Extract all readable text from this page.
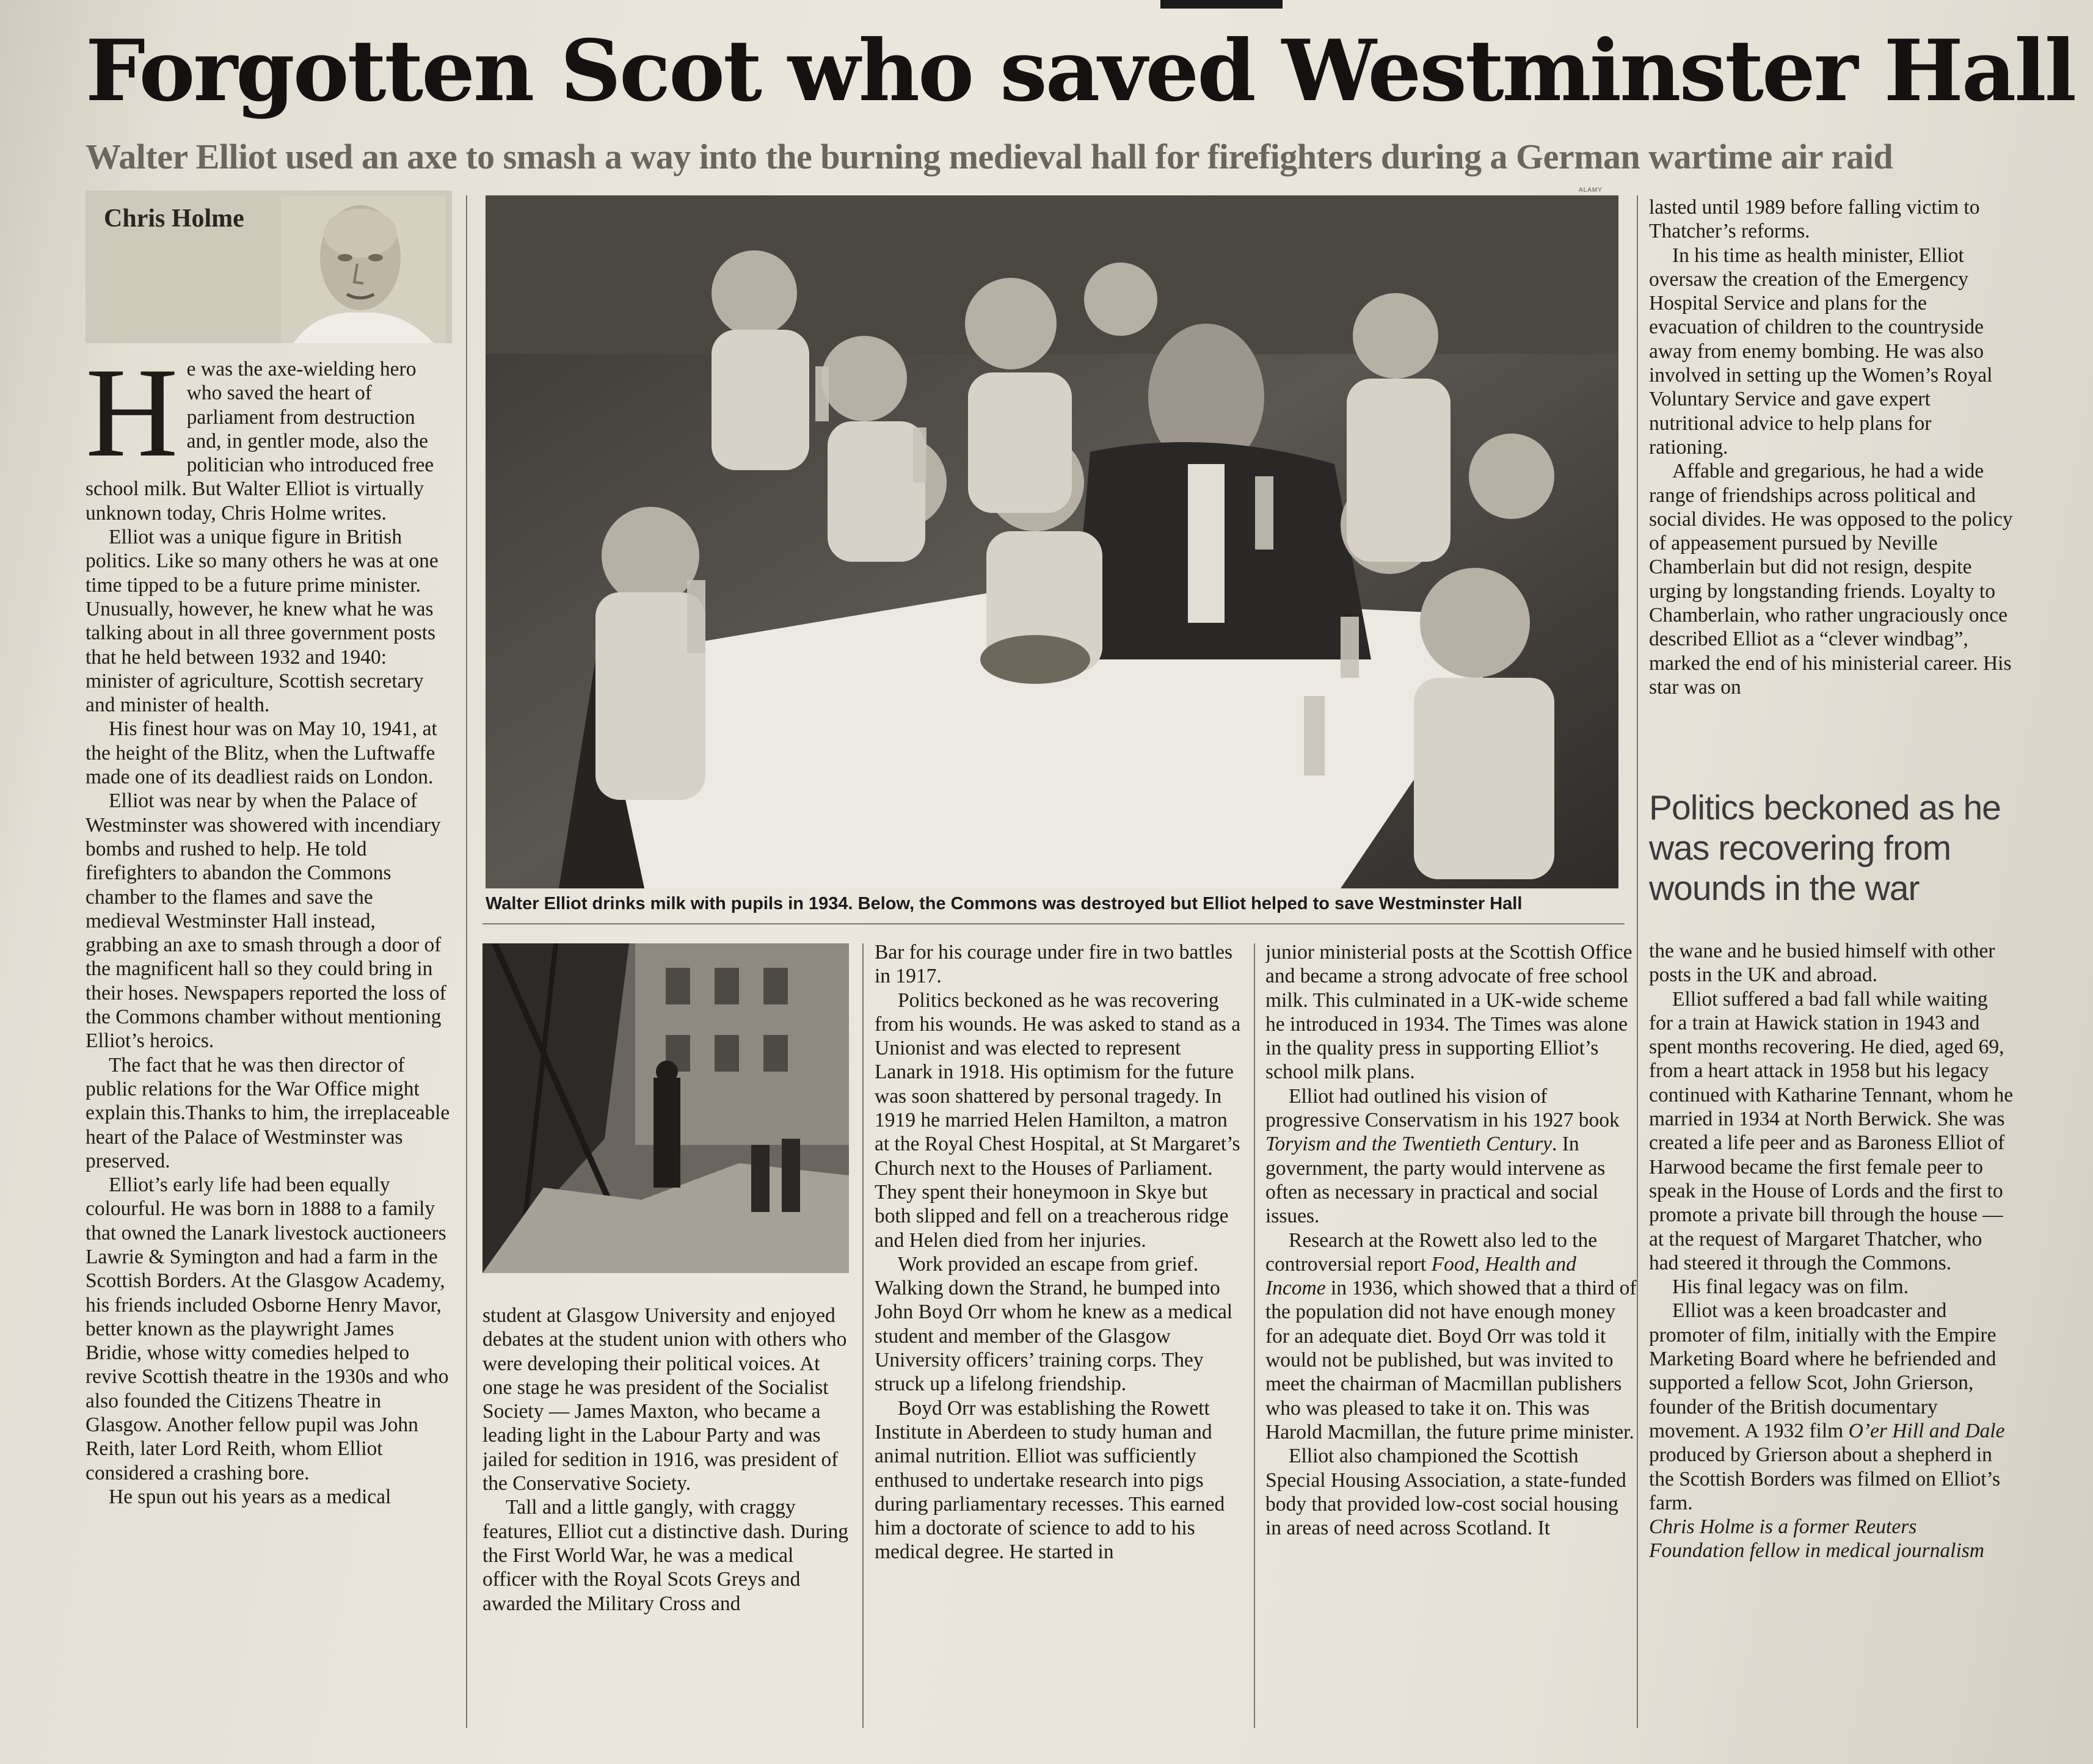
Forgotten Scot who saved Westminster Hall

Walter Elliot used an axe to smash a way into the burning medieval hall for firefighters during a German wartime air raid

Chris Holme
H e was the axe-wielding hero who saved the heart of parliament from destruction and, in gentler mode, also the politician who introduced free school milk. But Walter Elliot is virtually unknown today, Chris Holme writes.

Elliot was a unique figure in British politics. Like so many others he was at one time tipped to be a future prime minister. Unusually, however, he knew what he was talking about in all three government posts that he held between 1932 and 1940: minister of agriculture, Scottish secretary and minister of health.

His finest hour was on May 10, 1941, at the height of the Blitz, when the Luftwaffe made one of its deadliest raids on London.

Elliot was near by when the Palace of Westminster was showered with incendiary bombs and rushed to help. He told firefighters to abandon the Commons chamber to the flames and save the medieval Westminster Hall instead, grabbing an axe to smash through a door of the magnificent hall so they could bring in their hoses. Newspapers reported the loss of the Commons chamber without mentioning Elliot’s heroics.

The fact that he was then director of public relations for the War Office might explain this.Thanks to him, the irreplaceable heart of the Palace of Westminster was preserved.

Elliot’s early life had been equally colourful. He was born in 1888 to a family that owned the Lanark livestock auctioneers Lawrie & Symington and had a farm in the Scottish Borders. At the Glasgow Academy, his friends included Osborne Henry Mavor, better known as the playwright James Bridie, whose witty comedies helped to revive Scottish theatre in the 1930s and who also founded the Citizens Theatre in Glasgow. Another fellow pupil was John Reith, later Lord Reith, whom Elliot considered a crashing bore.

He spun out his years as a medical

ALAMY

Walter Elliot drinks milk with pupils in 1934. Below, the Commons was destroyed but Elliot helped to save Westminster Hall

student at Glasgow University and enjoyed debates at the student union with others who were developing their political voices. At one stage he was president of the Socialist Society — James Maxton, who became a leading light in the Labour Party and was jailed for sedition in 1916, was president of the Conservative Society.

Tall and a little gangly, with craggy features, Elliot cut a distinctive dash. During the First World War, he was a medical officer with the Royal Scots Greys and awarded the Military Cross and

Bar for his courage under fire in two battles in 1917.

Politics beckoned as he was recovering from his wounds. He was asked to stand as a Unionist and was elected to represent Lanark in 1918. His optimism for the future was soon shattered by personal tragedy. In 1919 he married Helen Hamilton, a matron at the Royal Chest Hospital, at St Margaret’s Church next to the Houses of Parliament. They spent their honeymoon in Skye but both slipped and fell on a treacherous ridge and Helen died from her injuries.

Work provided an escape from grief. Walking down the Strand, he bumped into John Boyd Orr whom he knew as a medical student and member of the Glasgow University officers’ training corps. They struck up a lifelong friendship.

Boyd Orr was establishing the Rowett Institute in Aberdeen to study human and animal nutrition. Elliot was sufficiently enthused to undertake research into pigs during parliamentary recesses. This earned him a doctorate of science to add to his medical degree. He started in

junior ministerial posts at the Scottish Office and became a strong advocate of free school milk. This culminated in a UK-wide scheme he introduced in 1934. The Times was alone in the quality press in supporting Elliot’s school milk plans.

Elliot had outlined his vision of progressive Conservatism in his 1927 book Toryism and the Twentieth Century. In government, the party would intervene as often as necessary in practical and social issues.

Research at the Rowett also led to the controversial report Food, Health and Income in 1936, which showed that a third of the population did not have enough money for an adequate diet. Boyd Orr was told it would not be published, but was invited to meet the chairman of Macmillan publishers who was pleased to take it on. This was Harold Macmillan, the future prime minister.

Elliot also championed the Scottish Special Housing Association, a state-funded body that provided low-cost social housing in areas of need across Scotland. It

lasted until 1989 before falling victim to Thatcher’s reforms.

In his time as health minister, Elliot oversaw the creation of the Emergency Hospital Service and plans for the evacuation of children to the countryside away from enemy bombing. He was also involved in setting up the Women’s Royal Voluntary Service and gave expert nutritional advice to help plans for rationing.

Affable and gregarious, he had a wide range of friendships across political and social divides. He was opposed to the policy of appeasement pursued by Neville Chamberlain but did not resign, despite urging by longstanding friends. Loyalty to Chamberlain, who rather ungraciously once described Elliot as a “clever windbag”, marked the end of his ministerial career. His star was on

Politics beckoned as he was recovering from wounds in the war

the wane and he busied himself with other posts in the UK and abroad.

Elliot suffered a bad fall while waiting for a train at Hawick station in 1943 and spent months recovering. He died, aged 69, from a heart attack in 1958 but his legacy continued with Katharine Tennant, whom he married in 1934 at North Berwick. She was created a life peer and as Baroness Elliot of Harwood became the first female peer to speak in the House of Lords and the first to promote a private bill through the house — at the request of Margaret Thatcher, who had steered it through the Commons.

His final legacy was on film.

Elliot was a keen broadcaster and promoter of film, initially with the Empire Marketing Board where he befriended and supported a fellow Scot, John Grierson, founder of the British documentary movement. A 1932 film O’er Hill and Dale produced by Grierson about a shepherd in the Scottish Borders was filmed on Elliot’s farm.

Chris Holme is a former Reuters Foundation fellow in medical journalism
